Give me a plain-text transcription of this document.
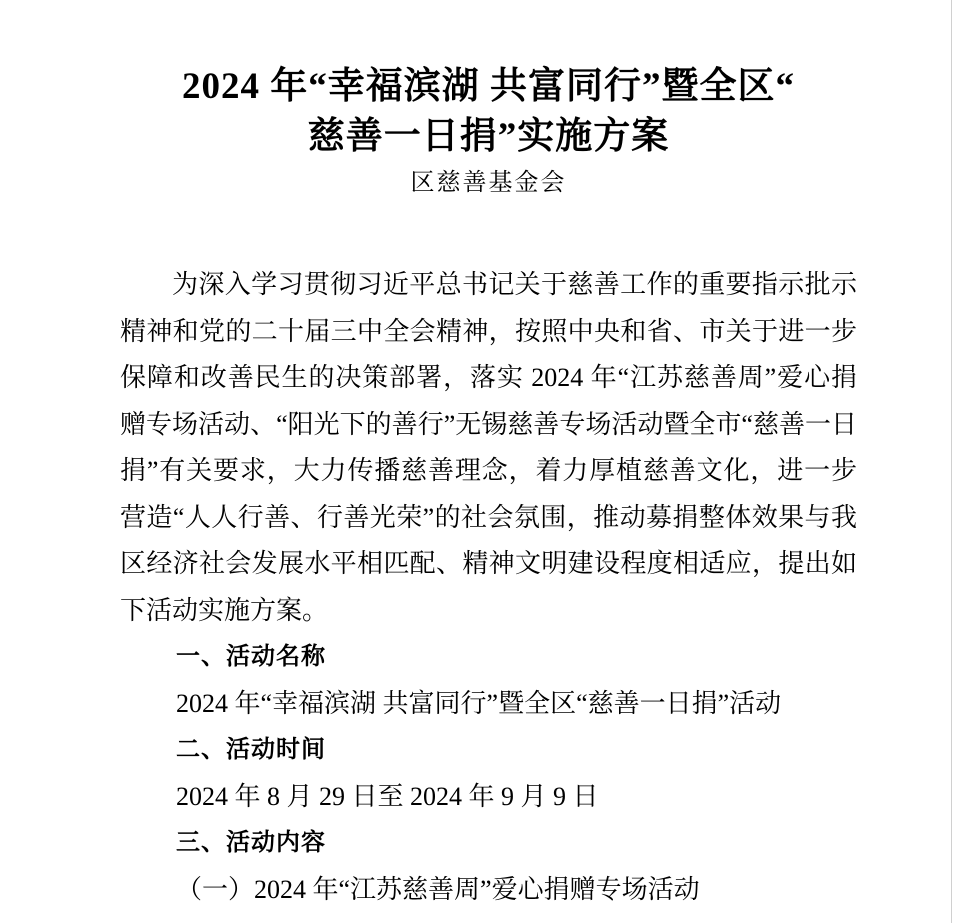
2024 年“幸福滨湖 共富同行”暨全区“
慈善一日捐”实施方案
区慈善基金会

为深入学习贯彻习近平总书记关于慈善工作的重要指示批示精神和党的二十届三中全会精神，按照中央和省、市关于进一步保障和改善民生的决策部署，落实 2024 年“江苏慈善周”爱心捐赠专场活动、“阳光下的善行”无锡慈善专场活动暨全市“慈善一日捐”有关要求，大力传播慈善理念，着力厚植慈善文化，进一步营造“人人行善、行善光荣”的社会氛围，推动募捐整体效果与我区经济社会发展水平相匹配、精神文明建设程度相适应，提出如下活动实施方案。

一、活动名称

2024 年“幸福滨湖 共富同行”暨全区“慈善一日捐”活动

二、活动时间

2024 年 8 月 29 日至 2024 年 9 月 9 日

三、活动内容

（一）2024 年“江苏慈善周”爱心捐赠专场活动
